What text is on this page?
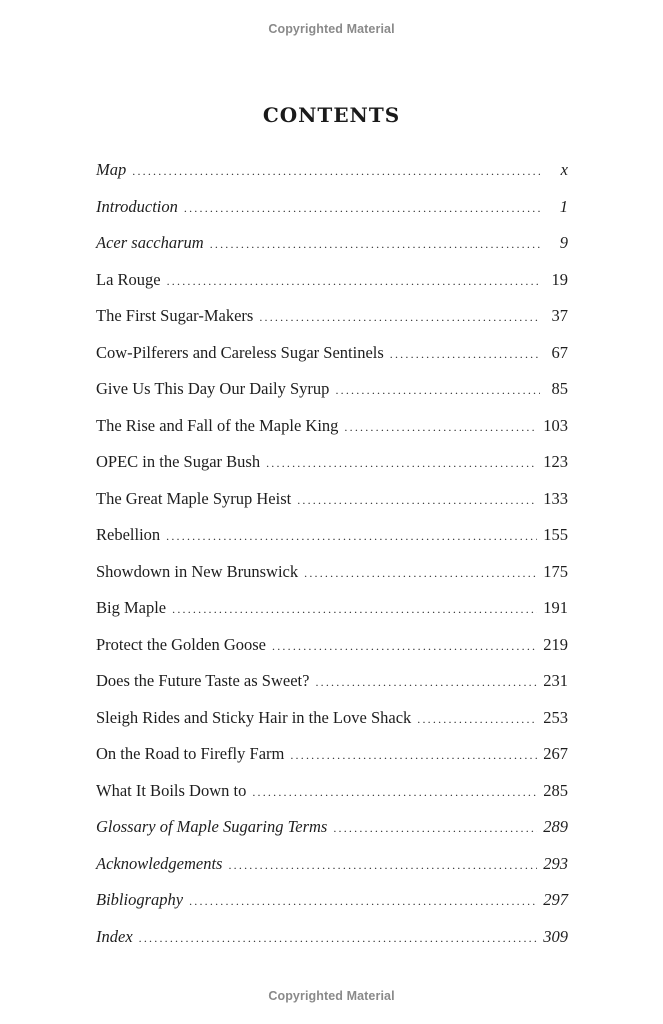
Copyrighted Material
CONTENTS
Map .....	x
Introduction .....	1
Acer saccharum .....	9
La Rouge .....	19
The First Sugar-Makers .....	37
Cow-Pilferers and Careless Sugar Sentinels .....	67
Give Us This Day Our Daily Syrup .....	85
The Rise and Fall of the Maple King .....	103
OPEC in the Sugar Bush .....	123
The Great Maple Syrup Heist .....	133
Rebellion .....	155
Showdown in New Brunswick .....	175
Big Maple .....	191
Protect the Golden Goose .....	219
Does the Future Taste as Sweet? .....	231
Sleigh Rides and Sticky Hair in the Love Shack .....	253
On the Road to Firefly Farm .....	267
What It Boils Down to .....	285
Glossary of Maple Sugaring Terms .....	289
Acknowledgements .....	293
Bibliography .....	297
Index .....	309
Copyrighted Material
